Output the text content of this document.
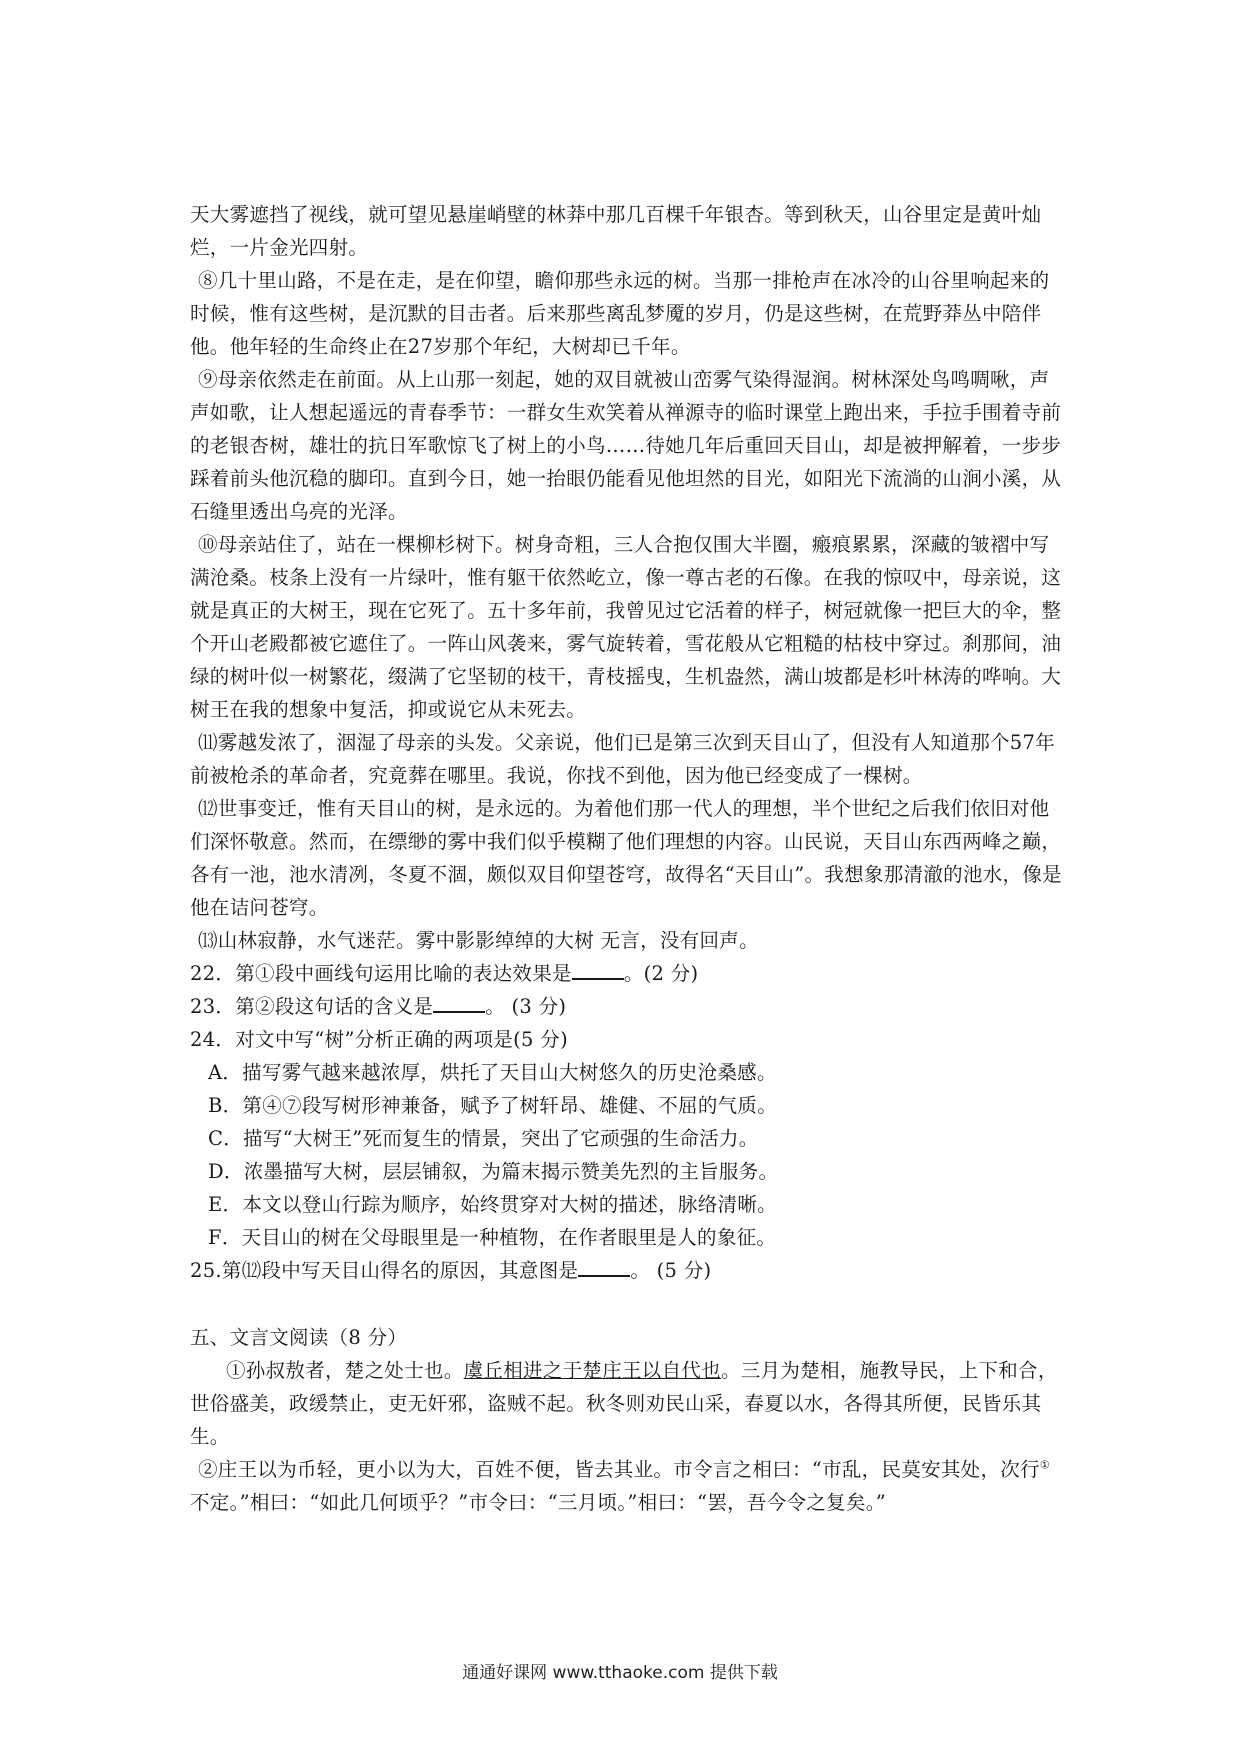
天大雾遮挡了视线，就可望见悬崖峭壁的林莽中那几百棵千年银杏。等到秋天，山谷里定是黄叶灿烂，一片金光四射。

⑧几十里山路，不是在走，是在仰望，瞻仰那些永远的树。当那一排枪声在冰冷的山谷里响起来的时候，惟有这些树，是沉默的目击者。后来那些离乱梦魇的岁月，仍是这些树，在荒野莽丛中陪伴他。他年轻的生命终止在27岁那个年纪，大树却已千年。

⑨母亲依然走在前面。从上山那一刻起，她的双目就被山峦雾气染得湿润。树林深处鸟鸣啁啾，声声如歌，让人想起遥远的青春季节：一群女生欢笑着从禅源寺的临时课堂上跑出来，手拉手围着寺前的老银杏树，雄壮的抗日军歌惊飞了树上的小鸟……待她几年后重回天目山，却是被押解着，一步步踩着前头他沉稳的脚印。直到今日，她一抬眼仍能看见他坦然的目光，如阳光下流淌的山涧小溪，从石缝里透出乌亮的光泽。

⑩母亲站住了，站在一棵柳杉树下。树身奇粗，三人合抱仅围大半圈，瘢痕累累，深藏的皱褶中写满沧桑。枝条上没有一片绿叶，惟有躯干依然屹立，像一尊古老的石像。在我的惊叹中，母亲说，这就是真正的大树王，现在它死了。五十多年前，我曾见过它活着的样子，树冠就像一把巨大的伞，整个开山老殿都被它遮住了。一阵山风袭来，雾气旋转着，雪花般从它粗糙的枯枝中穿过。刹那间，油绿的树叶似一树繁花，缀满了它坚韧的枝干，青枝摇曳，生机盎然，满山坡都是杉叶林涛的哗响。大树王在我的想象中复活，抑或说它从未死去。

⑾雾越发浓了，洇湿了母亲的头发。父亲说，他们已是第三次到天目山了，但没有人知道那个57年前被枪杀的革命者，究竟葬在哪里。我说，你找不到他，因为他已经变成了一棵树。

⑿世事变迁，惟有天目山的树，是永远的。为着他们那一代人的理想，半个世纪之后我们依旧对他们深怀敬意。然而，在缥缈的雾中我们似乎模糊了他们理想的内容。山民说，天目山东西两峰之巅，各有一池，池水清冽，冬夏不涸，颇似双目仰望苍穹，故得名“天目山”。我想象那清澈的池水，像是他在诘问苍穹。

⒀山林寂静，水气迷茫。雾中影影绰绰的大树 无言，没有回声。

22．第①段中画线句运用比喻的表达效果是	。(2 分)

23．第②段这句话的含义是	。 (3 分)

24．对文中写“树”分析正确的两项是(5 分)

A．描写雾气越来越浓厚，烘托了天目山大树悠久的历史沧桑感。

B．第④⑦段写树形神兼备，赋予了树轩昂、雄健、不屈的气质。

C．描写“大树王”死而复生的情景，突出了它顽强的生命活力。

D．浓墨描写大树，层层铺叙，为篇末揭示赞美先烈的主旨服务。

E．本文以登山行踪为顺序，始终贯穿对大树的描述，脉络清晰。

F．天目山的树在父母眼里是一种植物，在作者眼里是人的象征。

25.第⑿段中写天目山得名的原因，其意图是	。 (5 分)

五、文言文阅读（8 分）

①孙叔敖者，楚之处士也。虞丘相进之于楚庄王以自代也。三月为楚相，施教导民，上下和合，世俗盛美，政缓禁止，吏无奸邪，盗贼不起。秋冬则劝民山采，春夏以水，各得其所便，民皆乐其生。

②庄王以为币轻，更小以为大，百姓不便，皆去其业。市令言之相曰：“市乱，民莫安其处，次行①不定。”相曰：“如此几何顷乎？”市令曰：“三月顷。”相曰：“罢，吾今令之复矣。”

通通好课网 www.tthaoke.com 提供下载
